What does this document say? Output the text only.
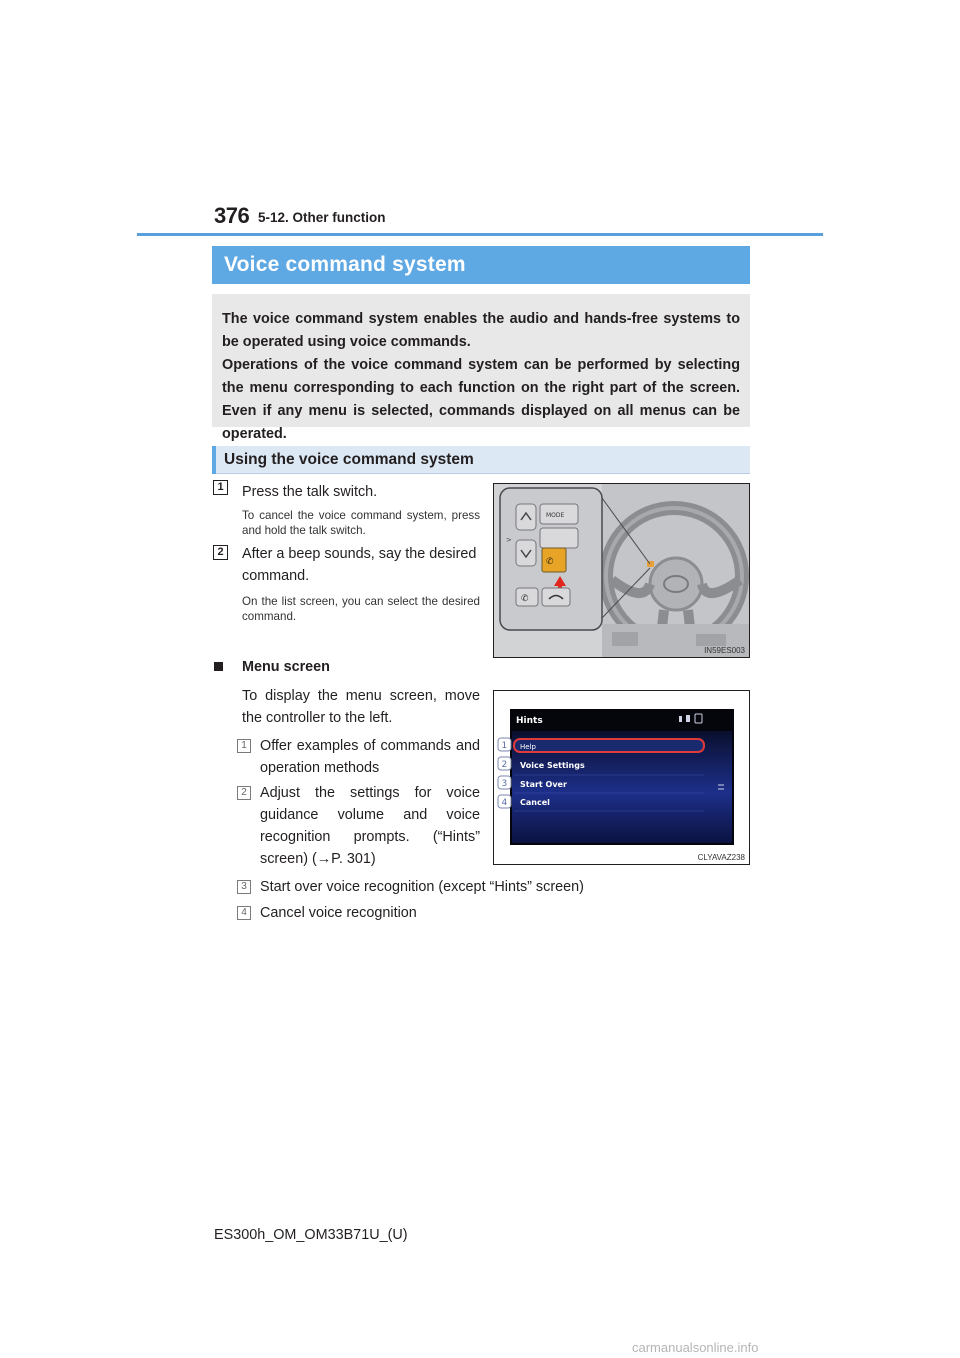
376 5-12. Other function
Voice command system

The voice command system enables the audio and hands-free systems to be operated using voice commands.

Operations of the voice command system can be performed by selecting the menu corresponding to each function on the right part of the screen. Even if any menu is selected, commands displayed on all menus can be operated.

Using the voice command system
1	Press the talk switch.

To cancel the voice command system, press and hold the talk switch.

2	After a beep sounds, say the desired command.

On the list screen, you can select the desired command.

>
MODE
✆
✆
IN59ES003
Menu screen

To display the menu screen, move the controller to the left.

1 Offer examples of commands and operation methods

2 Adjust the settings for voice guidance volume and voice recognition prompts. (“Hints” screen) (→P. 301)

3 Start over voice recognition (except “Hints” screen)

4 Cancel voice recognition

Hints
Help
Voice Settings
Start Over
Cancel
1
2
3
4
CLYAVAZ238
ES300h_OM_OM33B71U_(U)
carmanualsonline.info
